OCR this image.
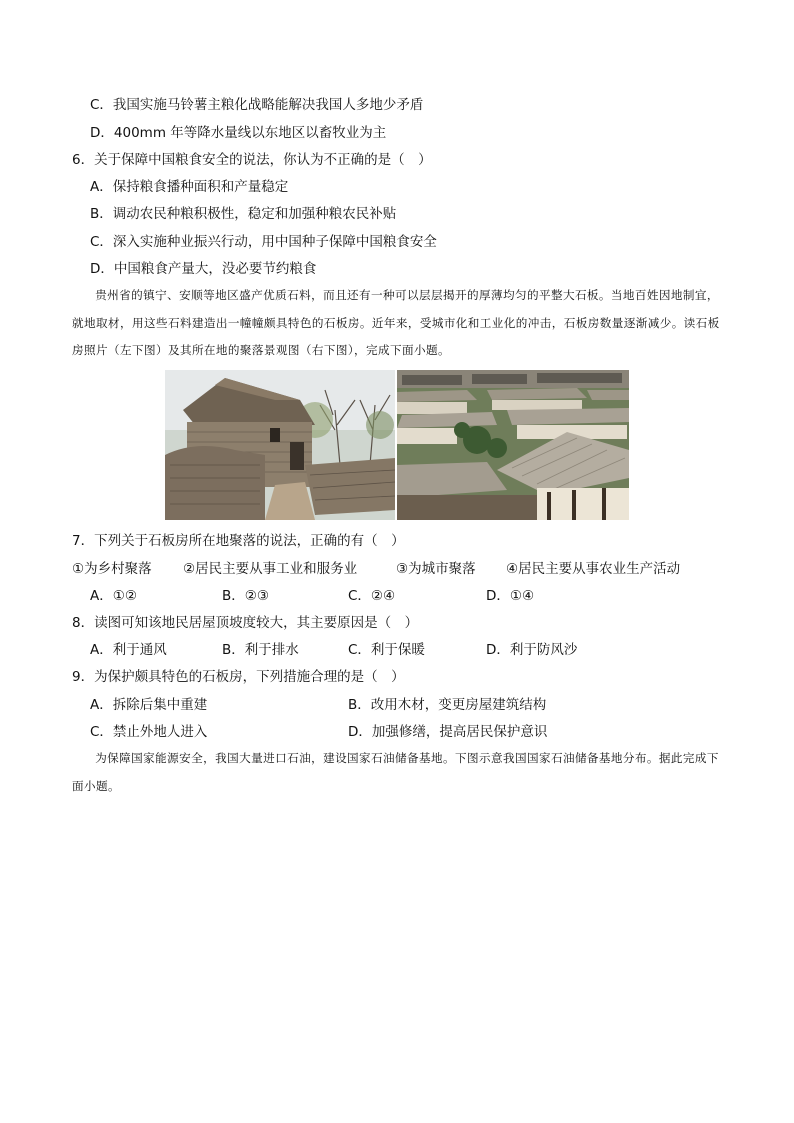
C．我国实施马铃薯主粮化战略能解决我国人多地少矛盾
D．400mm 年等降水量线以东地区以畜牧业为主
6．关于保障中国粮食安全的说法，你认为不正确的是（　）
A．保持粮食播种面积和产量稳定
B．调动农民种粮积极性，稳定和加强种粮农民补贴
C．深入实施种业振兴行动，用中国种子保障中国粮食安全
D．中国粮食产量大，没必要节约粮食

贵州省的镇宁、安顺等地区盛产优质石料，而且还有一种可以层层揭开的厚薄均匀的平整大石板。当地百姓因地制宜，就地取材，用这些石料建造出一幢幢颇具特色的石板房。近年来，受城市化和工业化的冲击，石板房数量逐渐减少。读石板房照片（左下图）及其所在地的聚落景观图（右下图），完成下面小题。

7．下列关于石板房所在地聚落的说法，正确的有（　）
①为乡村聚落 ②居民主要从事工业和服务业	③为城市聚落 ④居民主要从事农业生产活动
A．①②	B．②③	C．②④	D．①④
8．读图可知该地民居屋顶坡度较大，其主要原因是（　）
A．利于通风	B．利于排水	C．利于保暖	D．利于防风沙
9．为保护颇具特色的石板房，下列措施合理的是（　）
A．拆除后集中重建	B．改用木材，变更房屋建筑结构
C．禁止外地人进入	D．加强修缮，提高居民保护意识

为保障国家能源安全，我国大量进口石油，建设国家石油储备基地。下图示意我国国家石油储备基地分布。据此完成下面小题。
